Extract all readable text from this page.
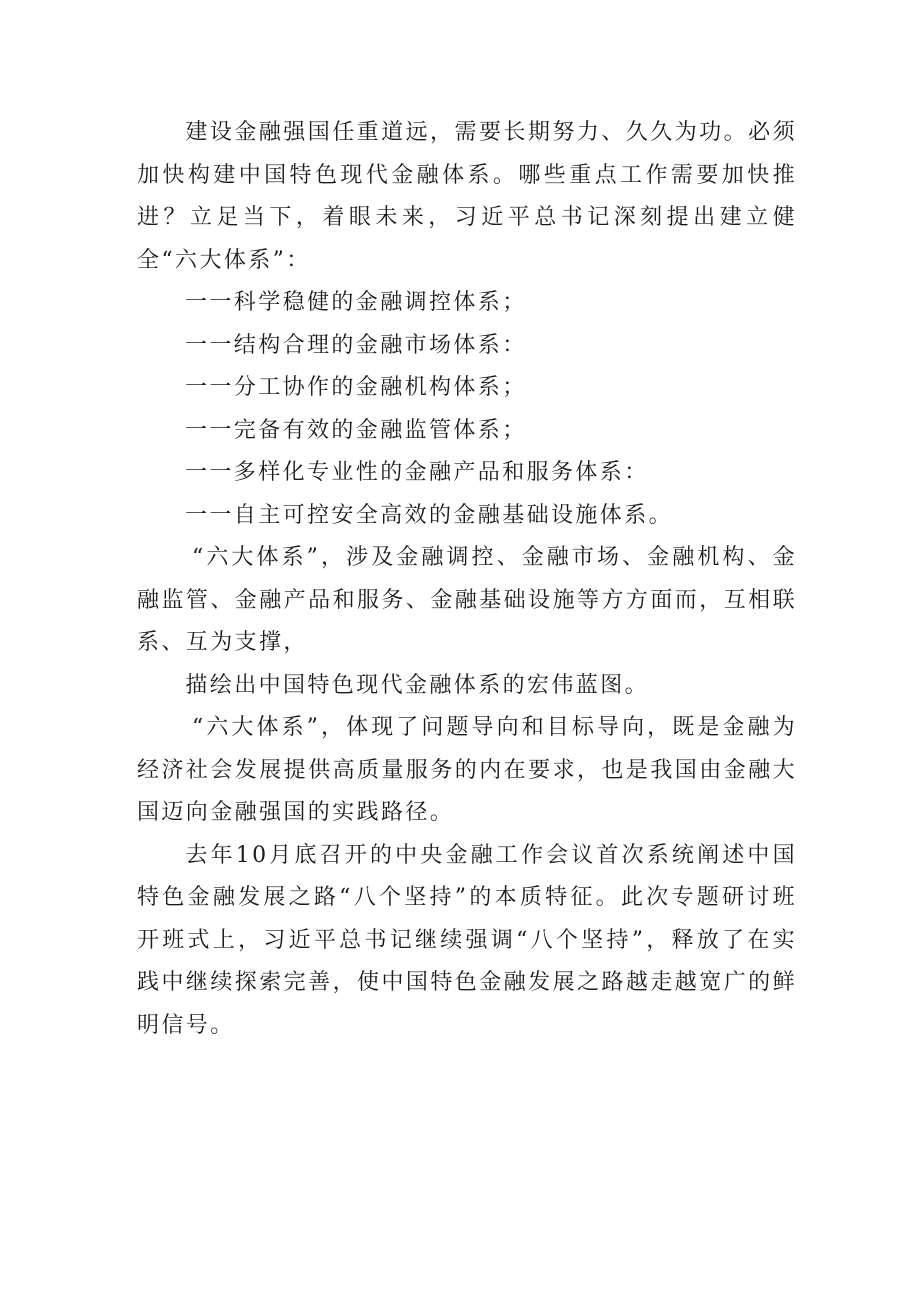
建设金融强国任重道远，需要长期努力、久久为功。必须加快构建中国特色现代金融体系。哪些重点工作需要加快推进？立足当下，着眼未来，习近平总书记深刻提出建立健全“六大体系”：

一一科学稳健的金融调控体系；

一一结构合理的金融市场体系：

一一分工协作的金融机构体系；

一一完备有效的金融监管体系；

一一多样化专业性的金融产品和服务体系：

一一自主可控安全高效的金融基础设施体系。

“六大体系”，涉及金融调控、金融市场、金融机构、金融监管、金融产品和服务、金融基础设施等方方面而，互相联系、互为支撑，

描绘出中国特色现代金融体系的宏伟蓝图。

“六大体系”，体现了问题导向和目标导向，既是金融为经济社会发展提供高质量服务的内在要求，也是我国由金融大国迈向金融强国的实践路径。

去年10月底召开的中央金融工作会议首次系统阐述中国特色金融发展之路“八个坚持”的本质特征。此次专题研讨班开班式上，习近平总书记继续强调“八个坚持”，释放了在实践中继续探索完善，使中国特色金融发展之路越走越宽广的鲜明信号。
